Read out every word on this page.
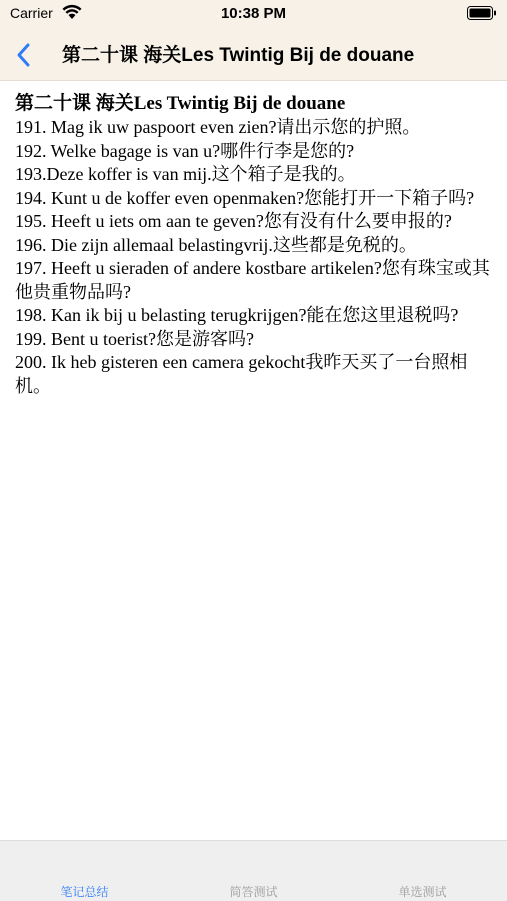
Carrier	10:38 PM
第二十课 海关Les Twintig Bij de douane
第二十课 海关Les Twintig Bij de douane

191. Mag ik uw paspoort even zien?请出示您的护照。

192. Welke bagage is van u?哪件行李是您的?

193.Deze koffer is van mij.这个箱子是我的。

194. Kunt u de koffer even openmaken?您能打开一下箱子吗?

195. Heeft u iets om aan te geven?您有没有什么要申报的?

196. Die zijn allemaal belastingvrij.这些都是免税的。

197. Heeft u sieraden of andere kostbare artikelen?您有珠宝或其他贵重物品吗?

198. Kan ik bij u belasting terugkrijgen?能在您这里退税吗?

199. Bent u toerist?您是游客吗?

200. Ik heb gisteren een camera gekocht我昨天买了一台照相机。

笔记总结	简答测试	单选测试
